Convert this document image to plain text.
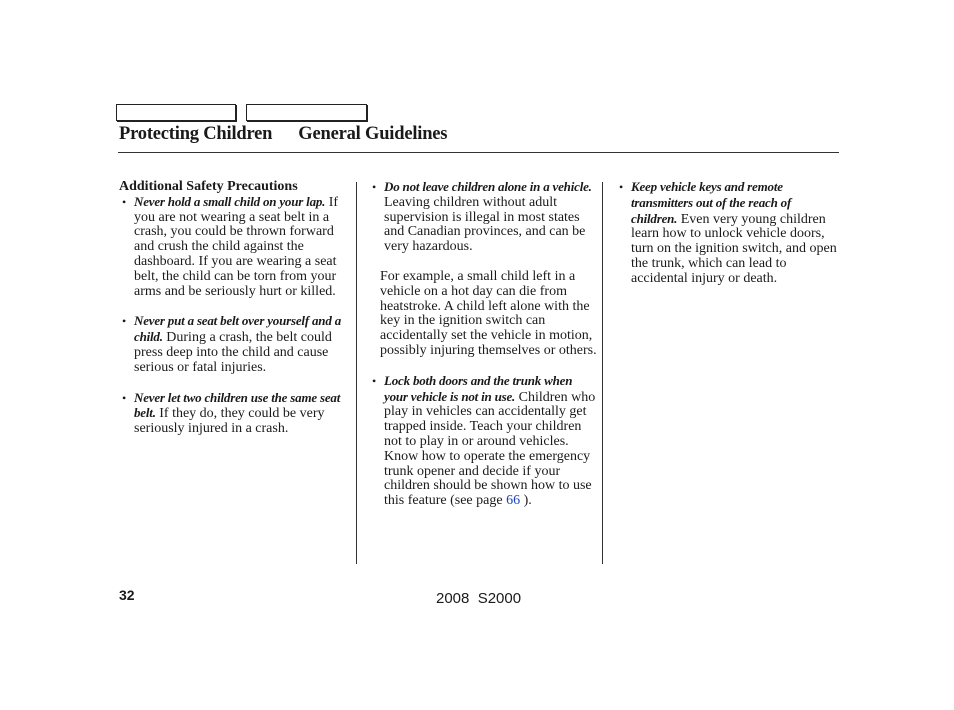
Protecting Children General Guidelines
Additional Safety Precautions
• Never hold a small child on your lap. If you are not wearing a seat belt in a crash, you could be thrown forward and crush the child against the dashboard. If you are wearing a seat belt, the child can be torn from your arms and be seriously hurt or killed.
• Never put a seat belt over yourself and a child. During a crash, the belt could press deep into the child and cause serious or fatal injuries.
• Never let two children use the same seat belt. If they do, they could be very seriously injured in a crash.
• Do not leave children alone in a vehicle. Leaving children without adult supervision is illegal in most states and Canadian provinces, and can be very hazardous.
For example, a small child left in a vehicle on a hot day can die from heatstroke. A child left alone with the key in the ignition switch can accidentally set the vehicle in motion, possibly injuring themselves or others.
• Lock both doors and the trunk when your vehicle is not in use. Children who play in vehicles can accidentally get trapped inside. Teach your children not to play in or around vehicles. Know how to operate the emergency trunk opener and decide if your children should be shown how to use this feature (see page 66 ).
• Keep vehicle keys and remote transmitters out of the reach of children. Even very young children learn how to unlock vehicle doors, turn on the ignition switch, and open the trunk, which can lead to accidental injury or death.
32	2008  S2000
